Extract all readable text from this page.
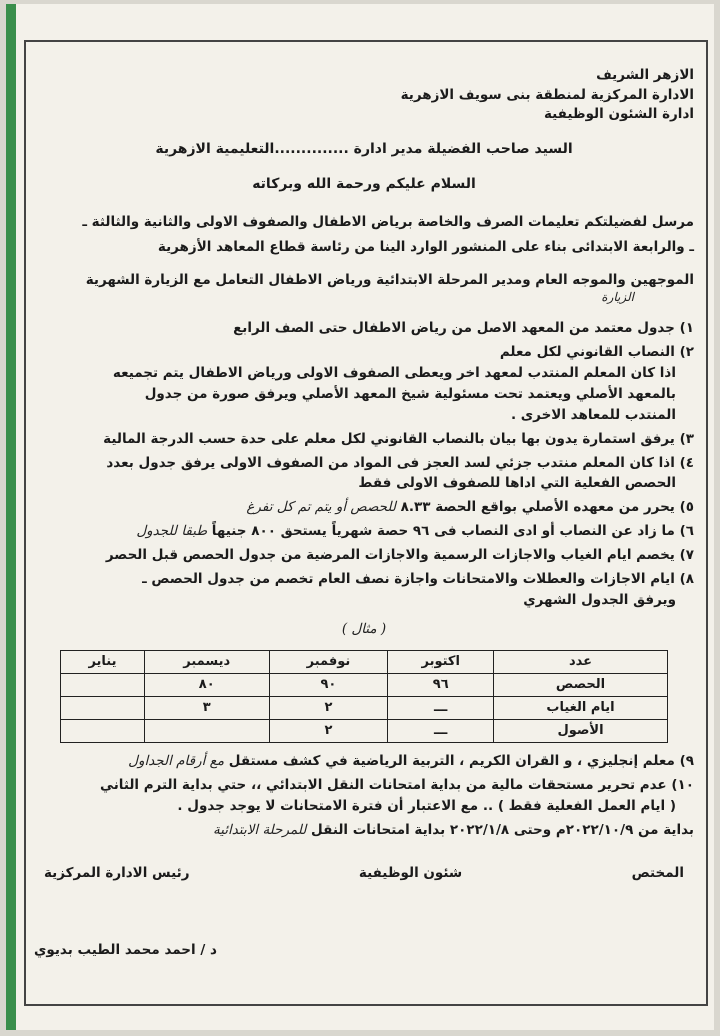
الازهر الشريف
الادارة المركزية لمنطقة بنى سويف الازهرية
ادارة الشئون الوظيفية
السيد صاحب الفضيلة مدير ادارة ..............التعليمية الازهرية
السلام عليكم ورحمة الله وبركاته
مرسل لفضيلتكم تعليمات الصرف والخاصة برياض الاطفال والصفوف الاولى والثانية والثالثة ـ
ـ والرابعة الابتدائى بناء على المنشور الوارد الينا من رئاسة قطاع المعاهد الأزهرية
الموجهين والموجه العام ومدير المرحلة الابتدائية ورياض الاطفال التعامل مع الزيارة الشهرية
الزيارة
١) جدول معتمد من المعهد الاصل من رياض الاطفال حتى الصف الرابع
٢) النصاب القانوني لكل معلم
اذا كان المعلم المنتدب لمعهد اخر ويعطى الصفوف الاولى ورياض الاطفال يتم تجميعه
بالمعهد الأصلي ويعتمد تحت مسئولية شيخ المعهد الأصلي ويرفق صورة من جدول
المنتدب للمعاهد الاخرى .
٣) يرفق استمارة يدون بها بيان بالنصاب القانوني لكل معلم على حدة حسب الدرجة المالية
٤) اذا كان المعلم منتدب جزئي لسد العجز فى المواد من الصفوف الاولى يرفق جدول بعدد
الحصص الفعلية التي اداها للصفوف الاولى فقط
٥) يحرر من معهده الأصلي بواقع الحصة ٨.٣٣ للحصص أو يتم تم كل تفرغ
٦) ما زاد عن النصاب أو ادى النصاب فى ٩٦ حصة شهرياً يستحق ٨٠٠ جنيهاً طبقا للجدول
٧) يخصم ايام الغياب والاجازات الرسمية والاجازات المرضية من جدول الحصص قبل الحصر
٨) ايام الاجازات والعطلات والامتحانات واجازة نصف العام تخصم من جدول الحصص ـ
ويرفق الجدول الشهري
( مثال )
عدد	اكتوبر	نوفمبر	ديسمبر	يناير
الحصص	٩٦	٩٠	٨٠	
ايام الغياب	ـــ	٢	٣	
الأصول	ـــ	٢		
٩) معلم إنجليزي ، و القران الكريم ، التربية الرياضية في كشف مستقل مع أرقام الجداول
١٠) عدم تحرير مستحقات مالية من بداية امتحانات النقل الابتدائي ،، حتي بداية الترم الثاني
( ايام العمل الفعلية فقط ) .. مع الاعتبار أن فترة الامتحانات لا يوجد جدول .
بداية من ٢٠٢٢/١٠/٩م وحتى ٢٠٢٢/١/٨ بداية امتحانات النقل للمرحلة الابتدائية
المختص
شئون الوظيفية
رئيس الادارة المركزية
د / احمد محمد الطيب بديوي
